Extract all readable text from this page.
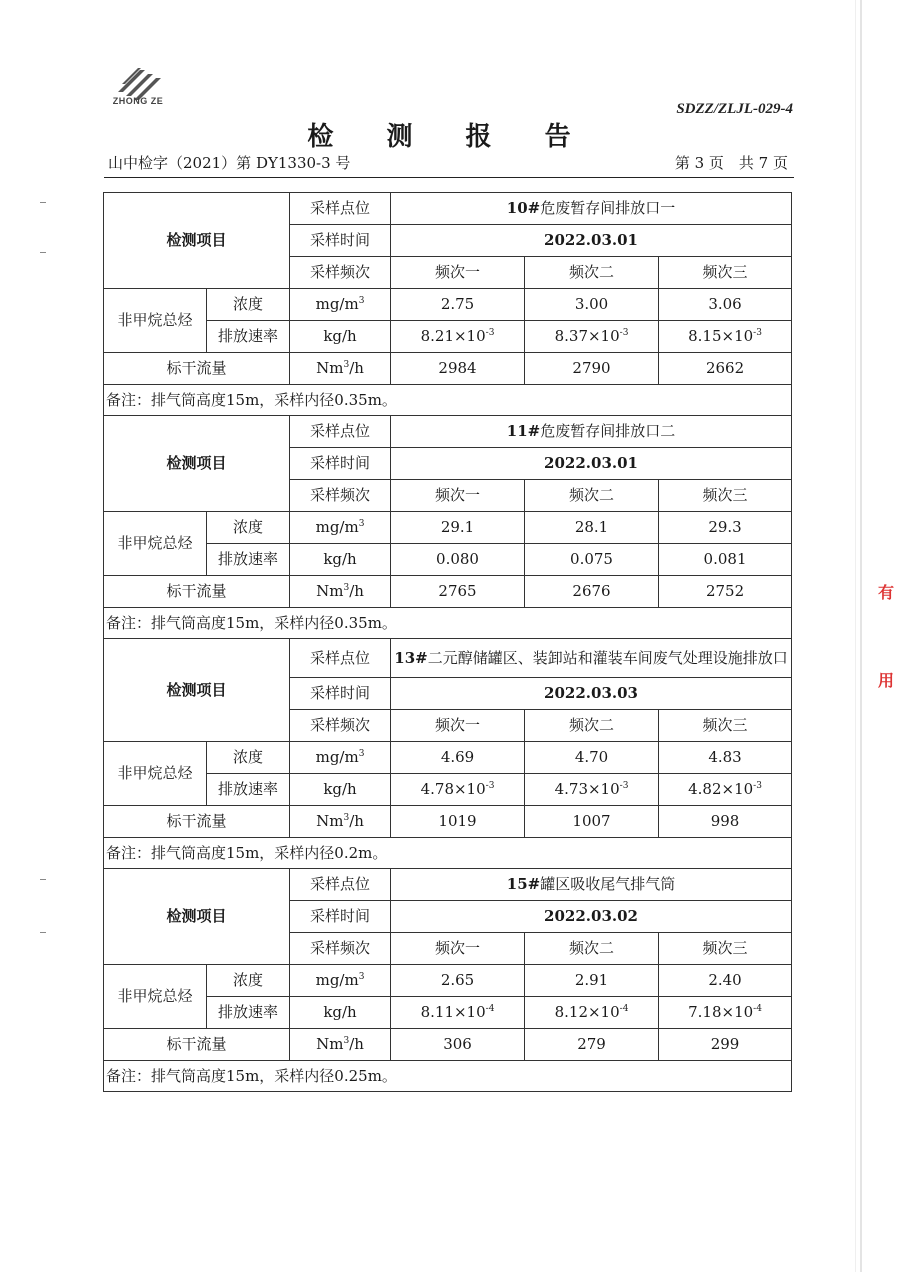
ZHONG ZE	SDZZ/ZLJL-029-4
检 测 报 告
山中检字（2021）第 DY1330-3 号	第 3 页　共 7 页
有
用
检测项目		采样点位	10#危废暂存间排放口一		
		采样时间	2022.03.01		
		采样频次	频次一	频次二	频次三
非甲烷总烃	浓度	$mg/m^3$	2.75	3.00	3.06
	排放速率	kg/h	$8.21\times 10^{-3}$	$8.37\times 10^{-3}$	$8.15\times 10^{-3}$
标干流量		Nm$^3$/h	2984	2790	2662
备注：排气筒高度15m，采样内径0.35m。					
检测项目		采样点位	11#危废暂存间排放口二		
		采样时间	2022.03.01		
		采样频次	频次一	频次二	频次三
非甲烷总烃	浓度	$mg/m^3$	29.1	28.1	29.3
	排放速率	kg/h	0.080	0.075	0.081
标干流量		Nm$^3$/h	2765	2676	2752
备注：排气筒高度15m，采样内径0.35m。					
检测项目		采样点位	13#二元醇储罐区、装卸站和灌装车间废气处理设施排放口		
		采样时间	2022.03.03		
		采样频次	频次一	频次二	频次三
非甲烷总烃	浓度	$mg/m^3$	4.69	4.70	4.83
	排放速率	kg/h	$4.78\times 10^{-3}$	$4.73\times 10^{-3}$	$4.82\times 10^{-3}$
标干流量		Nm$^3$/h	1019	1007	998
备注：排气筒高度15m，采样内径0.2m。					
检测项目		采样点位	15#罐区吸收尾气排气筒		
		采样时间	2022.03.02		
		采样频次	频次一	频次二	频次三
非甲烷总烃	浓度	$mg/m^3$	2.65	2.91	2.40
	排放速率	kg/h	$8.11\times 10^{-4}$	$8.12\times 10^{-4}$	$7.18\times 10^{-4}$
标干流量		Nm$^3$/h	306	279	299
备注：排气筒高度15m，采样内径0.25m。					
